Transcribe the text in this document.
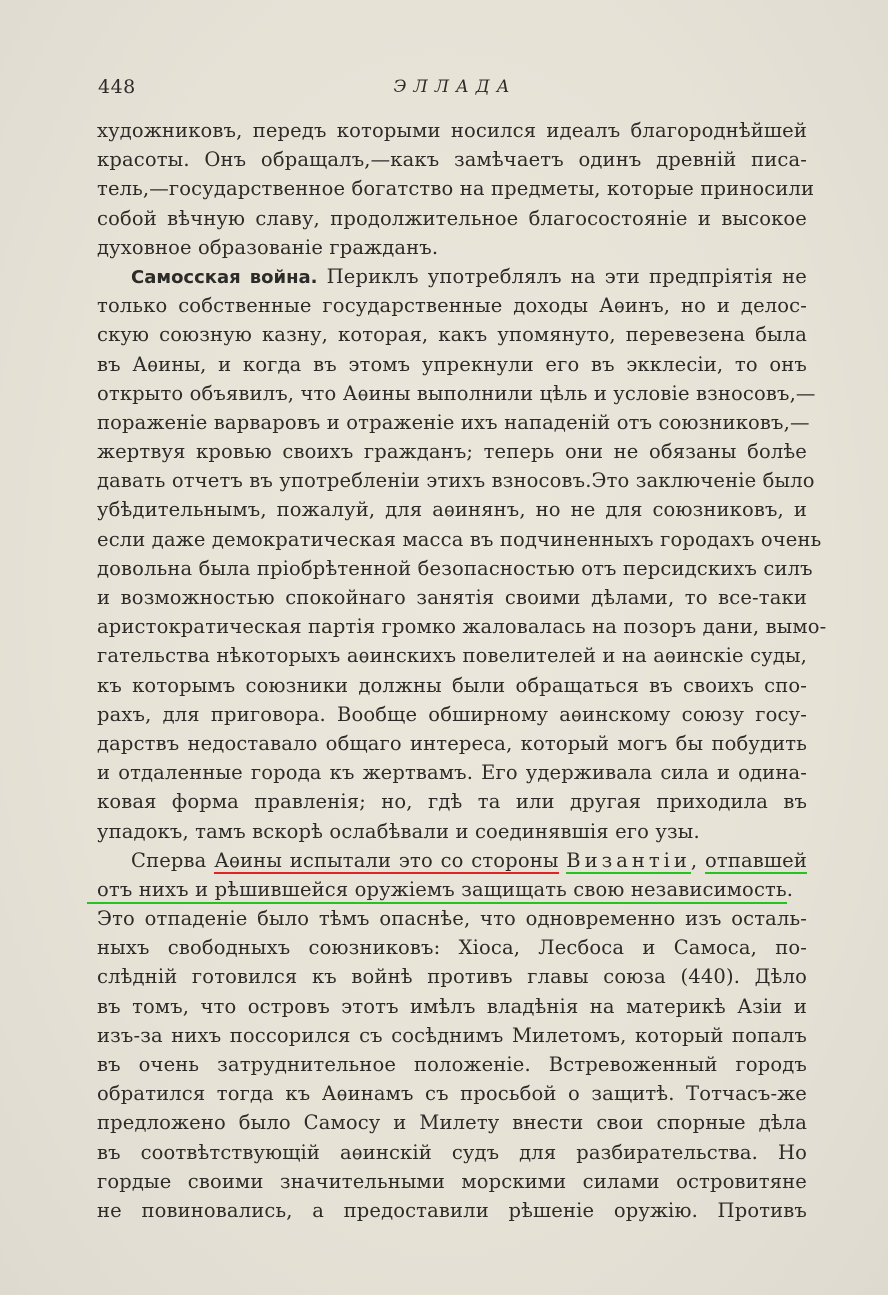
448	ЭЛЛАДА
художниковъ, передъ которыми носился идеалъ благороднѣйшей
красоты. Онъ обращалъ,—какъ замѣчаетъ одинъ древній писа-
тель,—государственное богатство на предметы, которые приносили
собой вѣчную славу, продолжительное благосостояніе и высокое
духовное образованіе гражданъ.
Самосская война. Периклъ употреблялъ на эти предпріятія не
только собственные государственные доходы Аѳинъ, но и делос-
скую союзную казну, которая, какъ упомянуто, перевезена была
въ Аѳины, и когда въ этомъ упрекнули его въ экклесіи, то онъ
открыто объявилъ, что Аѳины выполнили цѣль и условіе взносовъ,—
пораженіе варваровъ и отраженіе ихъ нападеній отъ союзниковъ,—
жертвуя кровью своихъ гражданъ; теперь они не обязаны болѣе
давать отчетъ въ употребленіи этихъ взносовъ.Это заключеніе было
убѣдительнымъ, пожалуй, для аѳинянъ, но не для союзниковъ, и
если даже демократическая масса въ подчиненныхъ городахъ очень
довольна была пріобрѣтенной безопасностью отъ персидскихъ силъ
и возможностью спокойнаго занятія своими дѣлами, то все-таки
аристократическая партія громко жаловалась на позоръ дани, вымо-
гательства нѣкоторыхъ аѳинскихъ повелителей и на аѳинскіе суды,
къ которымъ союзники должны были обращаться въ своихъ спо-
рахъ, для приговора. Вообще обширному аѳинскому союзу госу-
дарствъ недоставало общаго интереса, который могъ бы побудить
и отдаленные города къ жертвамъ. Его удерживала сила и одина-
ковая форма правленія; но, гдѣ та или другая приходила въ
упадокъ, тамъ вскорѣ ослабѣвали и соединявшія его узы.
Сперва Аѳины испытали это со стороны Византіи, отпавшей
отъ нихъ и рѣшившейся оружіемъ защищать свою независимость.
Это отпаденіе было тѣмъ опаснѣе, что одновременно изъ осталь-
ныхъ свободныхъ союзниковъ: Хіоса, Лесбоса и Самоса, по-
слѣдній готовился къ войнѣ противъ главы союза (440). Дѣло
въ томъ, что островъ этотъ имѣлъ владѣнія на материкѣ Азіи и
изъ-за нихъ поссорился съ сосѣднимъ Милетомъ, который попалъ
въ очень затруднительное положеніе. Встревоженный городъ
обратился тогда къ Аѳинамъ съ просьбой о защитѣ. Тотчасъ-же
предложено было Самосу и Милету внести свои спорные дѣла
въ соотвѣтствующій аѳинскій судъ для разбирательства. Но
гордые своими значительными морскими силами островитяне
не повиновались, а предоставили рѣшеніе оружію. Противъ
